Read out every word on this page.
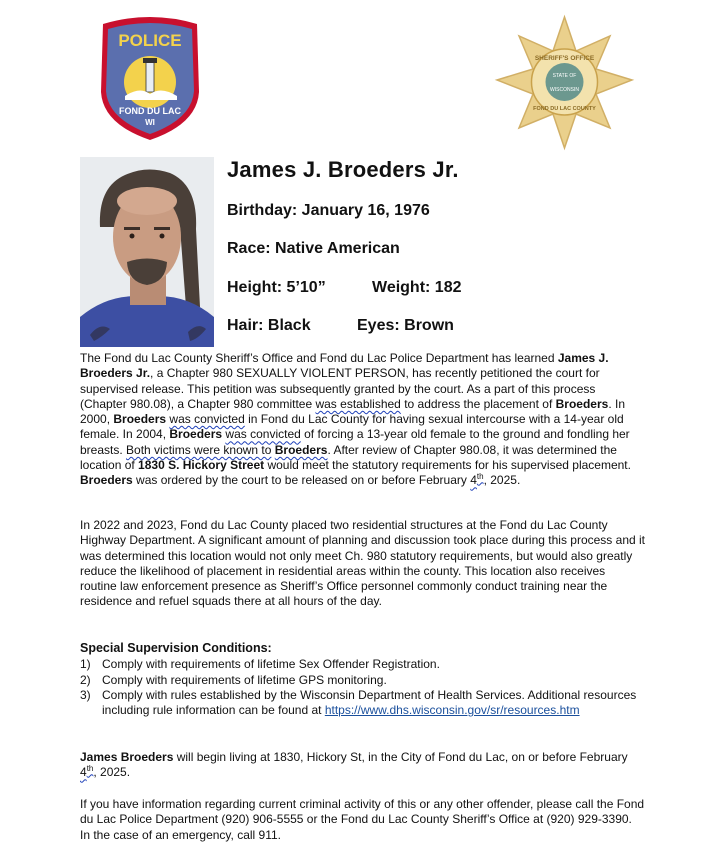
POLICE
FOND DU LAC
WI
SHERIFF'S OFFICE
FOND DU LAC COUNTY
STATE OF
WISCONSIN
James J. Broeders Jr.
Birthday: January 16, 1976
Race: Native American
Height: 5’10”	Weight: 182
Hair: Black	Eyes: Brown
The Fond du Lac County Sheriff’s Office and Fond du Lac Police Department has learned James J. Broeders Jr., a Chapter 980 SEXUALLY VIOLENT PERSON, has recently petitioned the court for supervised release. This petition was subsequently granted by the court. As a part of this process (Chapter 980.08), a Chapter 980 committee was established to address the placement of Broeders. In 2000, Broeders was convicted in Fond du Lac County for having sexual intercourse with a 14-year old female. In 2004, Broeders was convicted of forcing a 13-year old female to the ground and fondling her breasts. Both victims were known to Broeders. After review of Chapter 980.08, it was determined the location of 1830 S. Hickory Street would meet the statutory requirements for his supervised placement. Broeders was ordered by the court to be released on or before February 4th, 2025.
In 2022 and 2023, Fond du Lac County placed two residential structures at the Fond du Lac County Highway Department. A significant amount of planning and discussion took place during this process and it was determined this location would not only meet Ch. 980 statutory requirements, but would also greatly reduce the likelihood of placement in residential areas within the county. This location also receives routine law enforcement presence as Sheriff’s Office personnel commonly conduct training near the residence and refuel squads there at all hours of the day.
Special Supervision Conditions:
1) Comply with requirements of lifetime Sex Offender Registration.
2) Comply with requirements of lifetime GPS monitoring.
3) Comply with rules established by the Wisconsin Department of Health Services. Additional resources including rule information can be found at https://www.dhs.wisconsin.gov/sr/resources.htm
James Broeders will begin living at 1830, Hickory St, in the City of Fond du Lac, on or before February 4th, 2025.
If you have information regarding current criminal activity of this or any other offender, please call the Fond du Lac Police Department (920) 906-5555 or the Fond du Lac County Sheriff’s Office at (920) 929-3390. In the case of an emergency, call 911.
